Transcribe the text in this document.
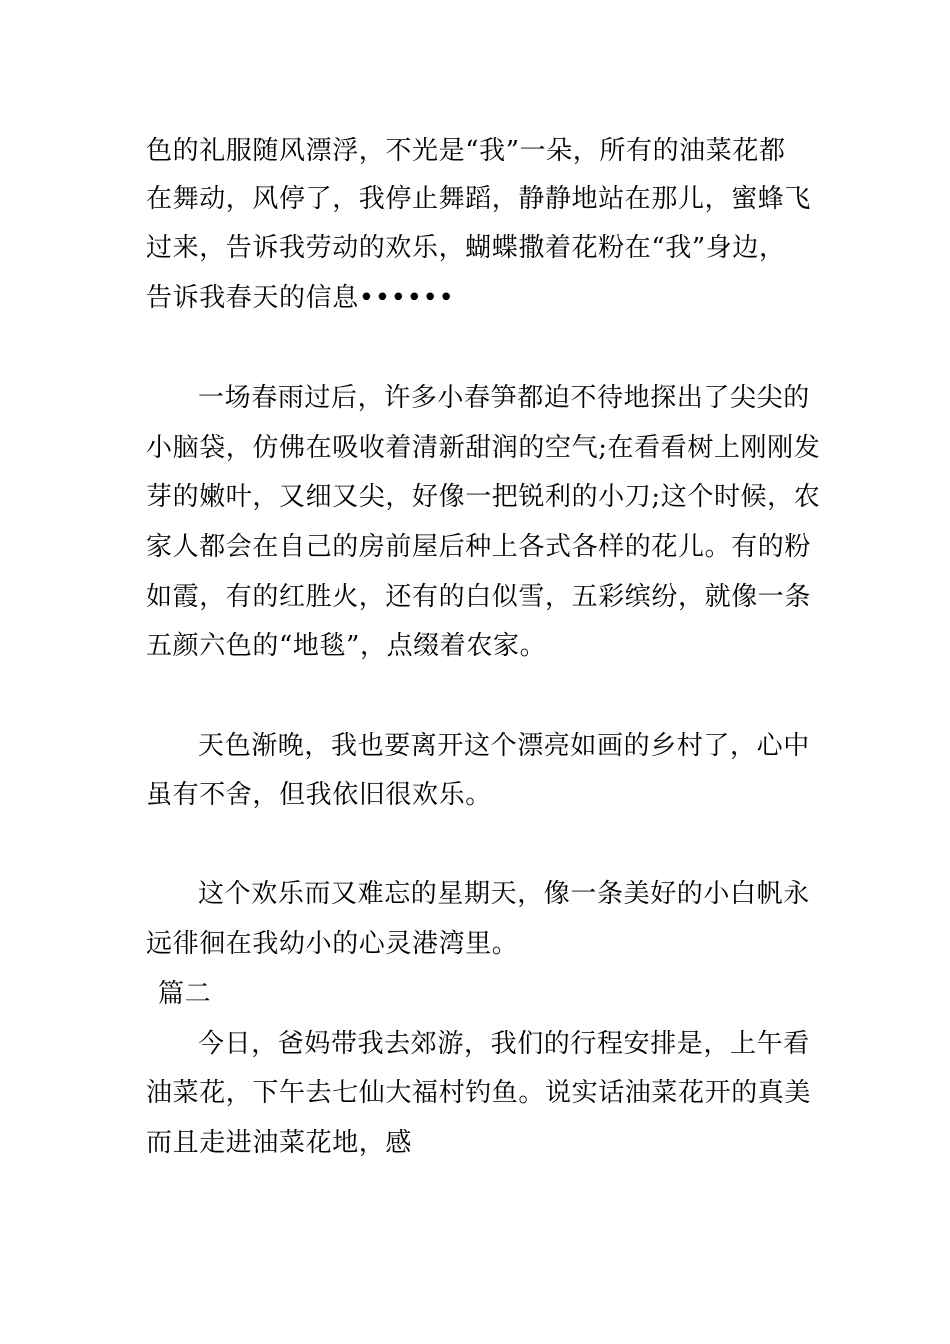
色的礼服随风漂浮，不光是“我”一朵，所有的油菜花都
在舞动，风停了，我停止舞蹈，静静地站在那儿，蜜蜂飞
过来，告诉我劳动的欢乐，蝴蝶撒着花粉在“我”身边，
告诉我春天的信息••••••
一场春雨过后，许多小春笋都迫不待地探出了尖尖的
小脑袋，仿佛在吸收着清新甜润的空气;在看看树上刚刚发
芽的嫩叶，又细又尖，好像一把锐利的小刀;这个时候，农
家人都会在自己的房前屋后种上各式各样的花儿。有的粉
如霞，有的红胜火，还有的白似雪，五彩缤纷，就像一条
五颜六色的“地毯”，点缀着农家。
天色渐晚，我也要离开这个漂亮如画的乡村了，心中
虽有不舍，但我依旧很欢乐。
这个欢乐而又难忘的星期天，像一条美好的小白帆永
远徘徊在我幼小的心灵港湾里。
篇二
今日，爸妈带我去郊游，我们的行程安排是，上午看
油菜花，下午去七仙大福村钓鱼。说实话油菜花开的真美
而且走进油菜花地，感
